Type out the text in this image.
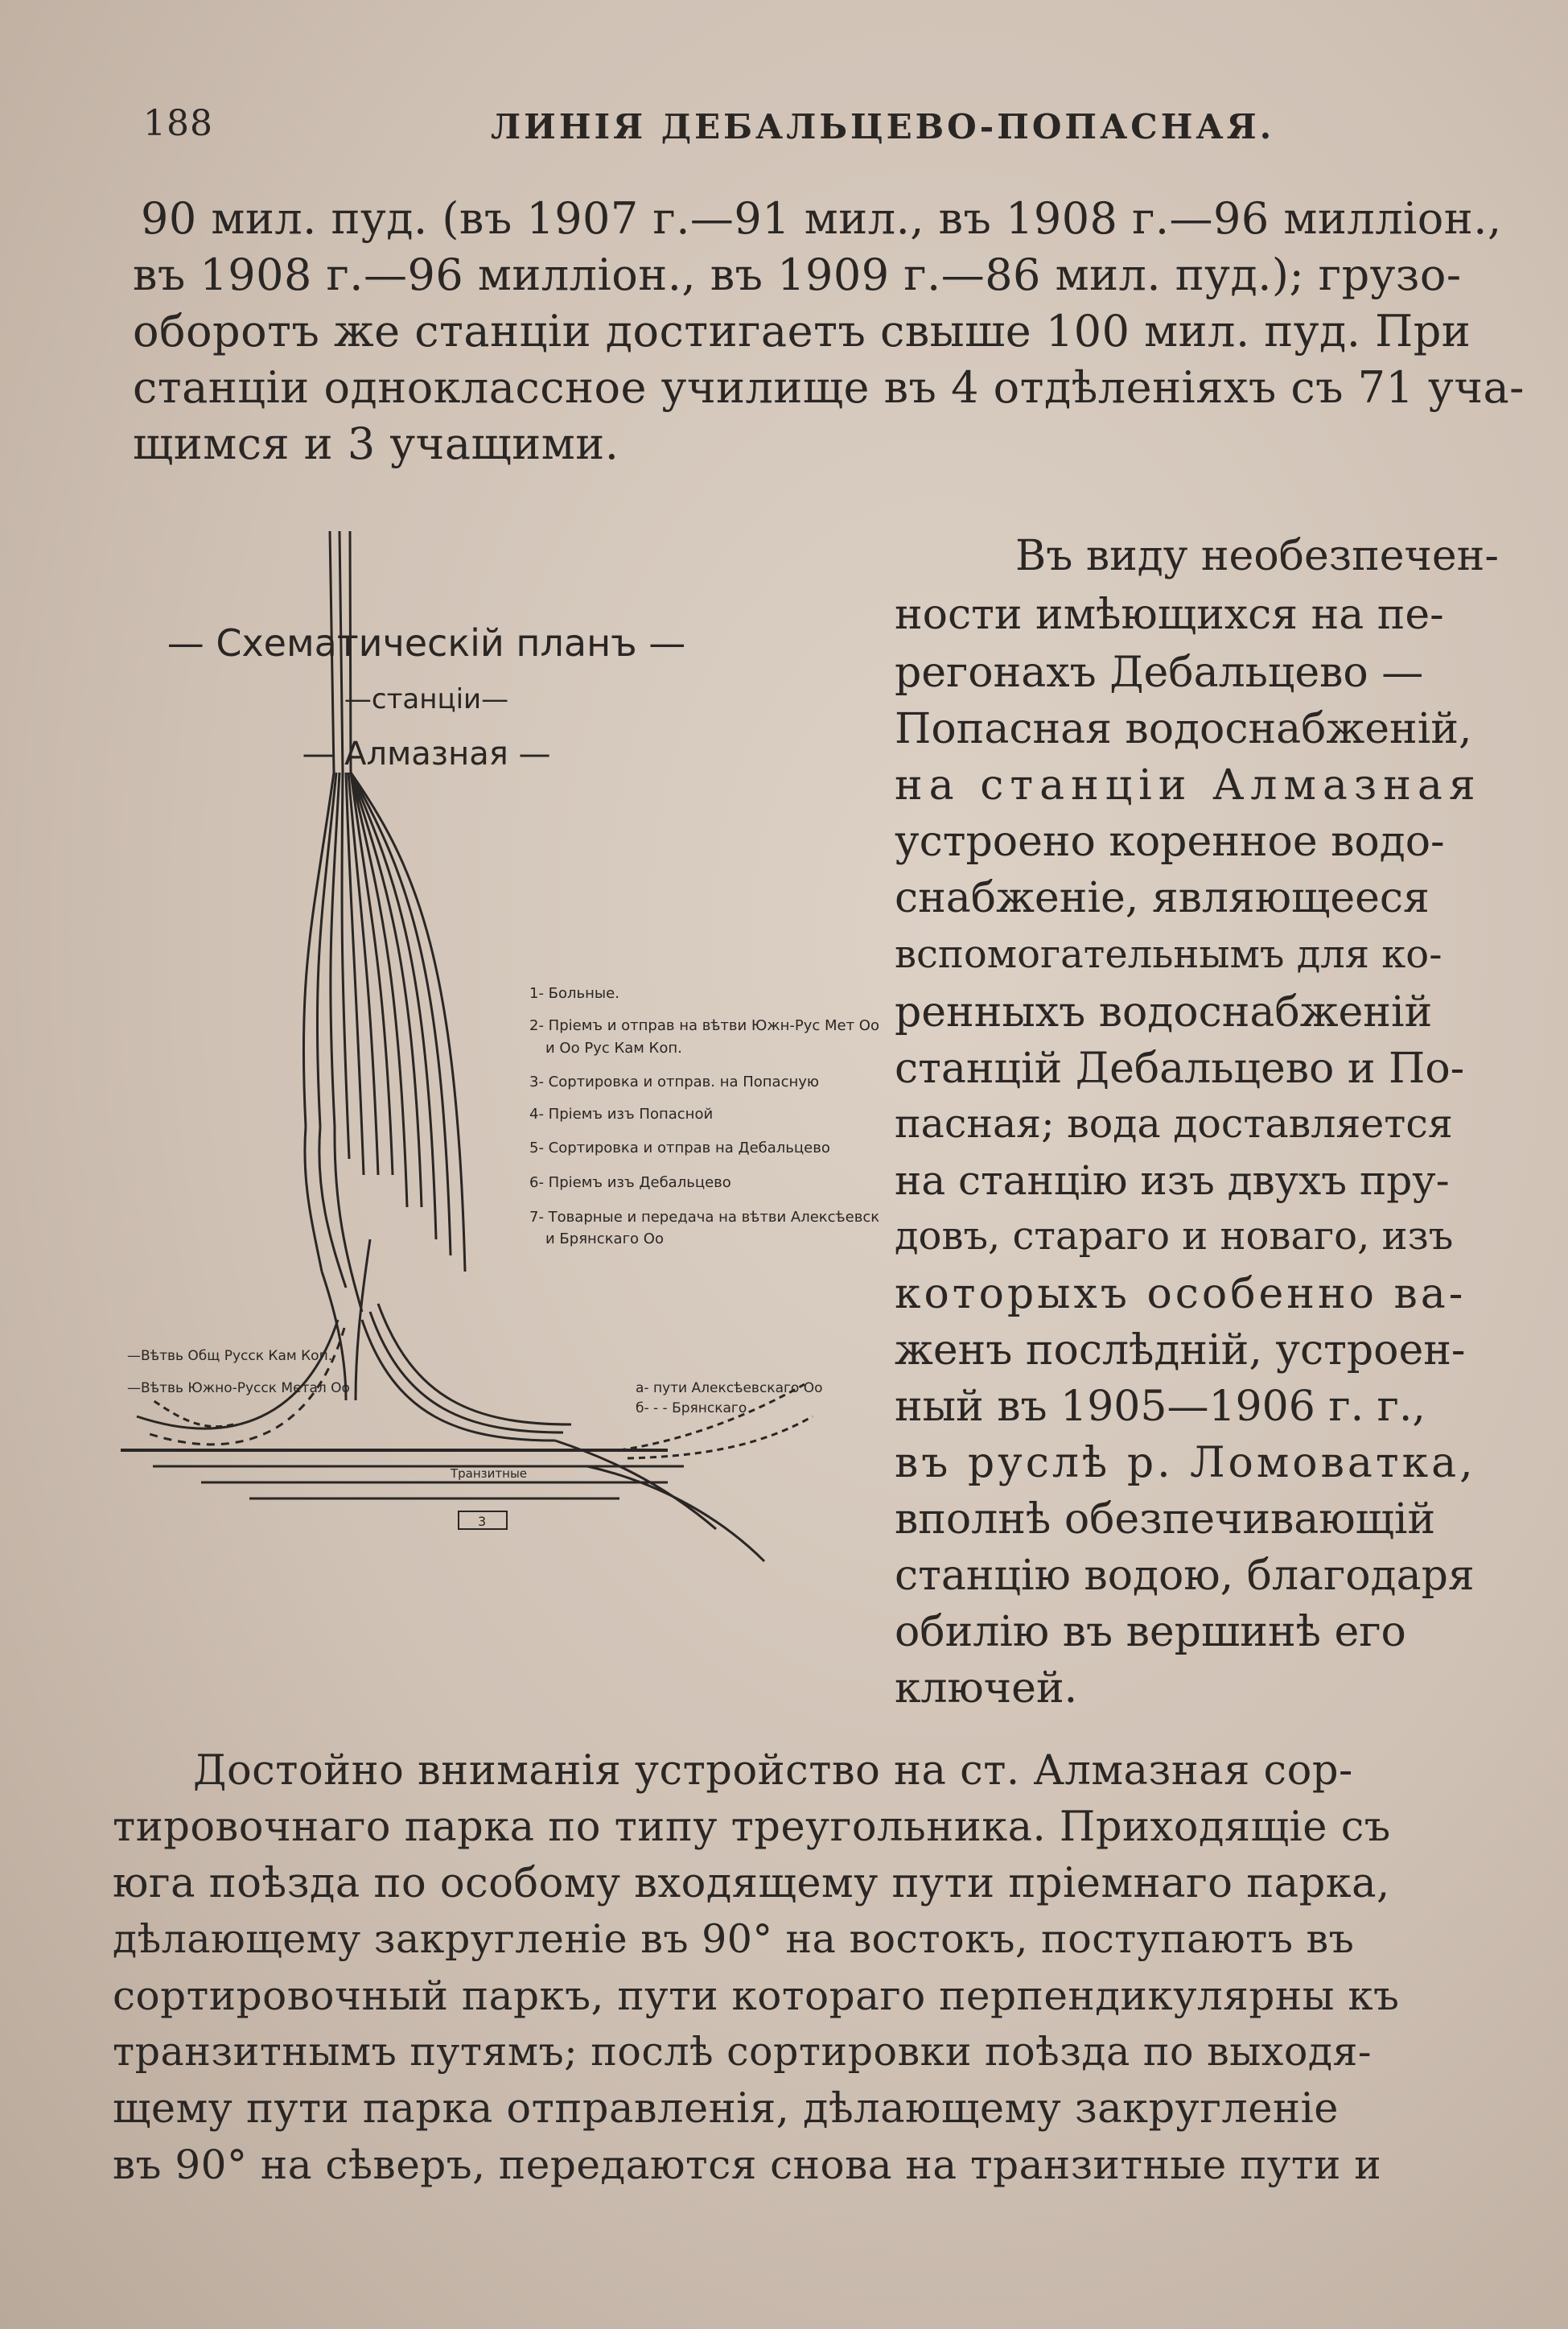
188	ЛИНІЯ ДЕБАЛЬЦЕВО-ПОПАСНАЯ.
90 мил. пуд. (въ 1907 г.—91 мил., въ 1908 г.—96 миллiон.,
въ 1908 г.—96 миллiон., въ 1909 г.—86 мил. пуд.); грузо-
оборотъ же станцiи достигаетъ свыше 100 мил. пуд. При
станцiи одноклассное училище въ 4 отдѣленiяхъ съ 71 уча-
щимся и 3 учащими.
— Схематическiй планъ —
—станцiи—
— Алмазная —
1- Больные.
2- Прiемъ и отправ на вѣтви Южн-Рус Мет Оо
и Оо Рус Кам Коп.
3- Сортировка и отправ. на Попасную
4- Прiемъ изъ Попасной
5- Сортировка и отправ на Дебальцево
6- Прiемъ изъ Дебальцево
7- Товарные и передача на вѣтви Алексѣевск
и Брянскаго Оо
—Вѣтвь Общ Русск Кам Коп.
—Вѣтвь Южно-Русск Метал Оо	а- пути Алексѣевскаго Оо
б- - - Брянскаго
Транзитные
3
Въ виду необезпечен-
ности имѣющихся на пе-
регонахъ Дебальцево —
Попасная водоснабженiй,
на станцiи Алмазная
устроено коренное водо-
снабженiе, являющееся
вспомогательнымъ для ко-
ренныхъ водоснабженiй
станцiй Дебальцево и По-
пасная; вода доставляется
на станцiю изъ двухъ пру-
довъ, стараго и новаго, изъ
которыхъ особенно ва-
женъ послѣднiй, устроен-
ный въ 1905—1906 г. г.,
въ руслѣ р. Ломоватка,
вполнѣ обезпечивающiй
станцiю водою, благодаря
обилiю въ вершинѣ его
ключей.
Достойно вниманiя устройство на ст. Алмазная сор-
тировочнаго парка по типу треугольника. Приходящiе съ
юга поѣзда по особому входящему пути прiемнаго парка,
дѣлающему закругленiе въ 90° на востокъ, поступаютъ въ
сортировочный паркъ, пути котораго перпендикулярны къ
транзитнымъ путямъ; послѣ сортировки поѣзда по выходя-
щему пути парка отправленiя, дѣлающему закругленiе
въ 90° на сѣверъ, передаются снова на транзитные пути и
